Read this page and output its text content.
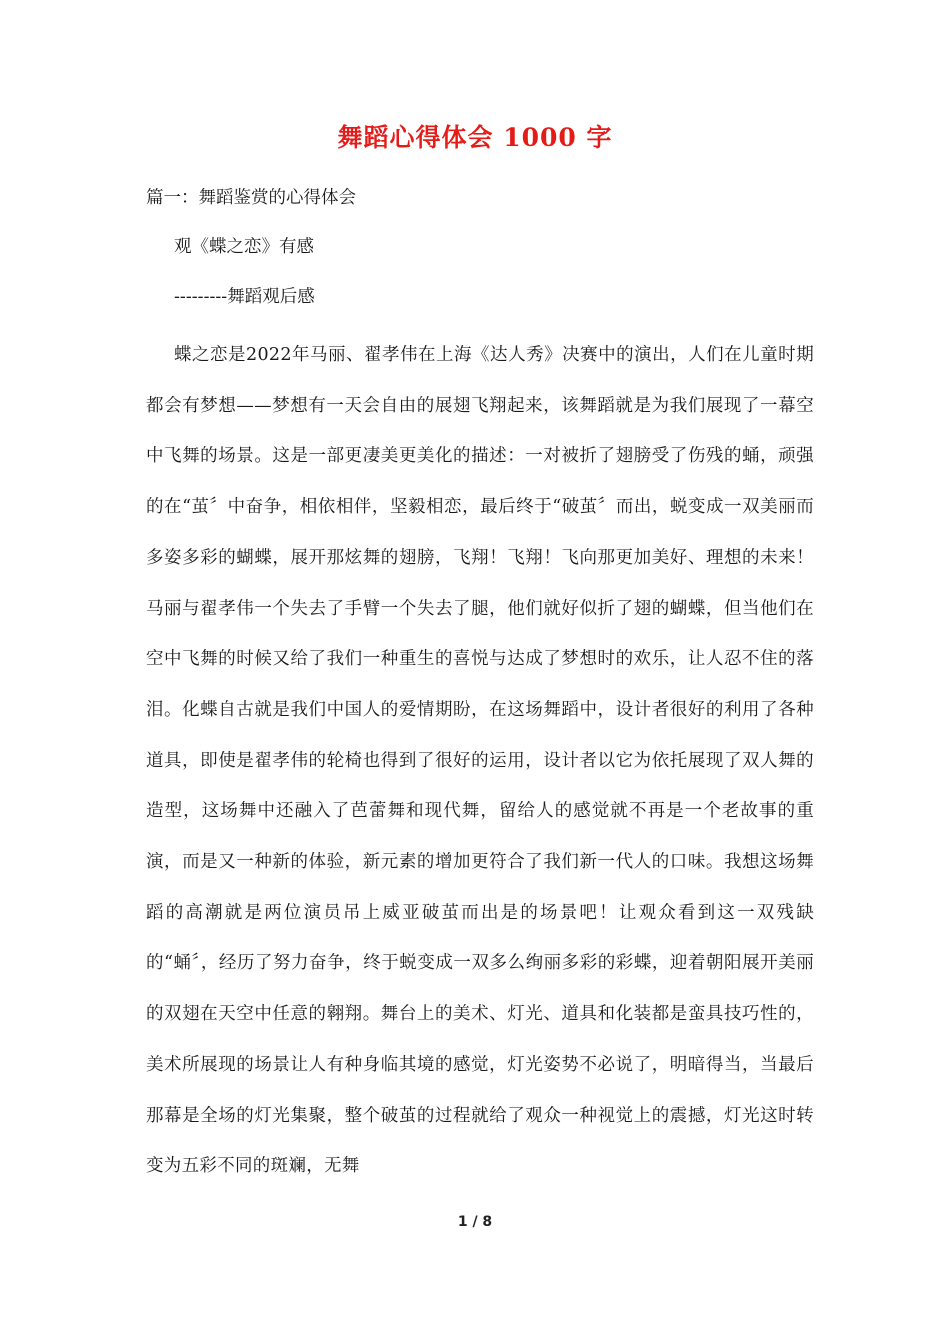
舞蹈心得体会 1000 字
篇一：舞蹈鉴赏的心得体会
观《蝶之恋》有感
---------舞蹈观后感

蝶之恋是2022年马丽、翟孝伟在上海《达人秀》决赛中的演出，人们在儿童时期都会有梦想——梦想有一天会自由的展翅飞翔起来，该舞蹈就是为我们展现了一幕空中飞舞的场景。这是一部更凄美更美化的描述：一对被折了翅膀受了伤残的蛹，顽强的在“茧〞中奋争，相依相伴，坚毅相恋，最后终于“破茧〞而出，蜕变成一双美丽而多姿多彩的蝴蝶，展开那炫舞的翅膀，飞翔！飞翔！飞向那更加美好、理想的未来！马丽与翟孝伟一个失去了手臂一个失去了腿，他们就好似折了翅的蝴蝶，但当他们在空中飞舞的时候又给了我们一种重生的喜悦与达成了梦想时的欢乐，让人忍不住的落泪。化蝶自古就是我们中国人的爱情期盼，在这场舞蹈中，设计者很好的利用了各种道具，即使是翟孝伟的轮椅也得到了很好的运用，设计者以它为依托展现了双人舞的造型，这场舞中还融入了芭蕾舞和现代舞，留给人的感觉就不再是一个老故事的重演，而是又一种新的体验，新元素的增加更符合了我们新一代人的口味。我想这场舞蹈的高潮就是两位演员吊上威亚破茧而出是的场景吧！让观众看到这一双残缺的“蛹〞，经历了努力奋争，终于蜕变成一双多么绚丽多彩的彩蝶，迎着朝阳展开美丽的双翅在天空中任意的翱翔。舞台上的美术、灯光、道具和化装都是蛮具技巧性的，美术所展现的场景让人有种身临其境的感觉，灯光姿势不必说了，明暗得当，当最后那幕是全场的灯光集聚，整个破茧的过程就给了观众一种视觉上的震撼，灯光这时转变为五彩不同的斑斓，无舞

1 / 8
